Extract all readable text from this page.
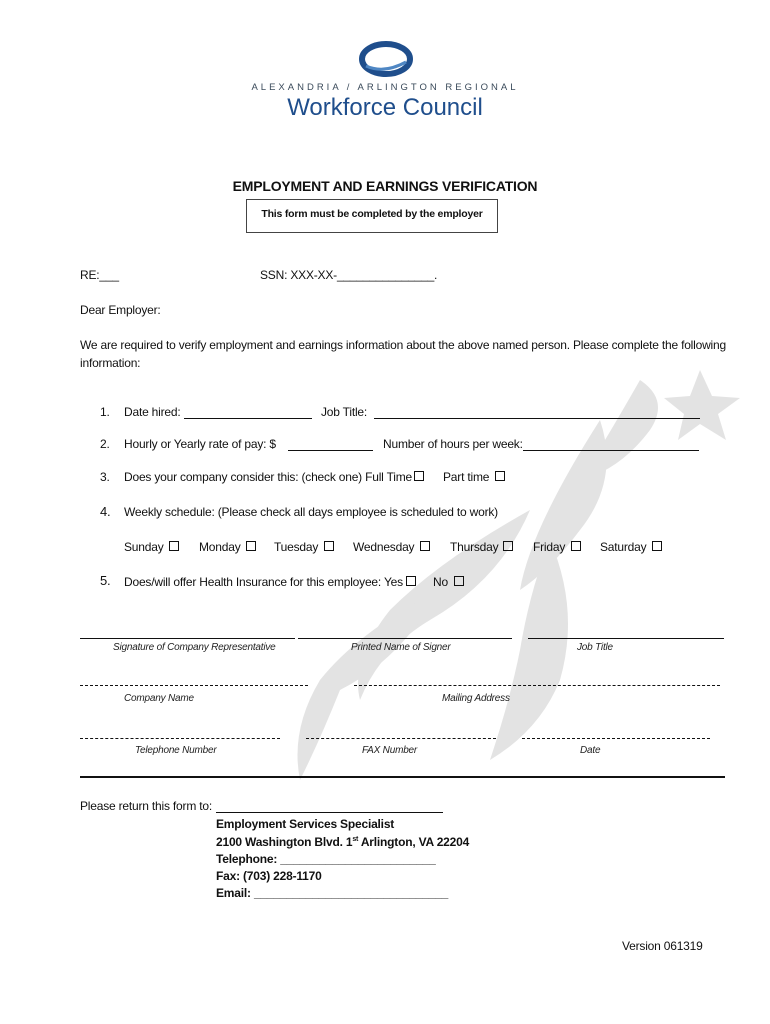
ALEXANDRIA / ARLINGTON REGIONAL
Workforce Council
EMPLOYMENT AND EARNINGS VERIFICATION
This form must be completed by the employer
RE:___	SSN: XXX-XX-_______________.
Dear Employer:
We are required to verify employment and earnings information about the above named person. Please complete the following
information:
1. Date hired:	Job Title:
2. Hourly or Yearly rate of pay: $	Number of hours per week:
3. Does your company consider this: (check one) Full Time	Part time
4. Weekly schedule: (Please check all days employee is scheduled to work)
Sunday	Monday	Tuesday	Wednesday	Thursday	Friday	Saturday
5. Does/will offer Health Insurance for this employee: Yes	No
Signature of Company Representative	Printed Name of Signer	Job Title
Company Name	Mailing Address
Telephone Number	FAX Number	Date
Please return this form to:
Employment Services Specialist
2100 Washington Blvd. 1st Arlington, VA 22204
Telephone: ________________________
Fax: (703) 228-1170
Email: ______________________________
Version 061319
